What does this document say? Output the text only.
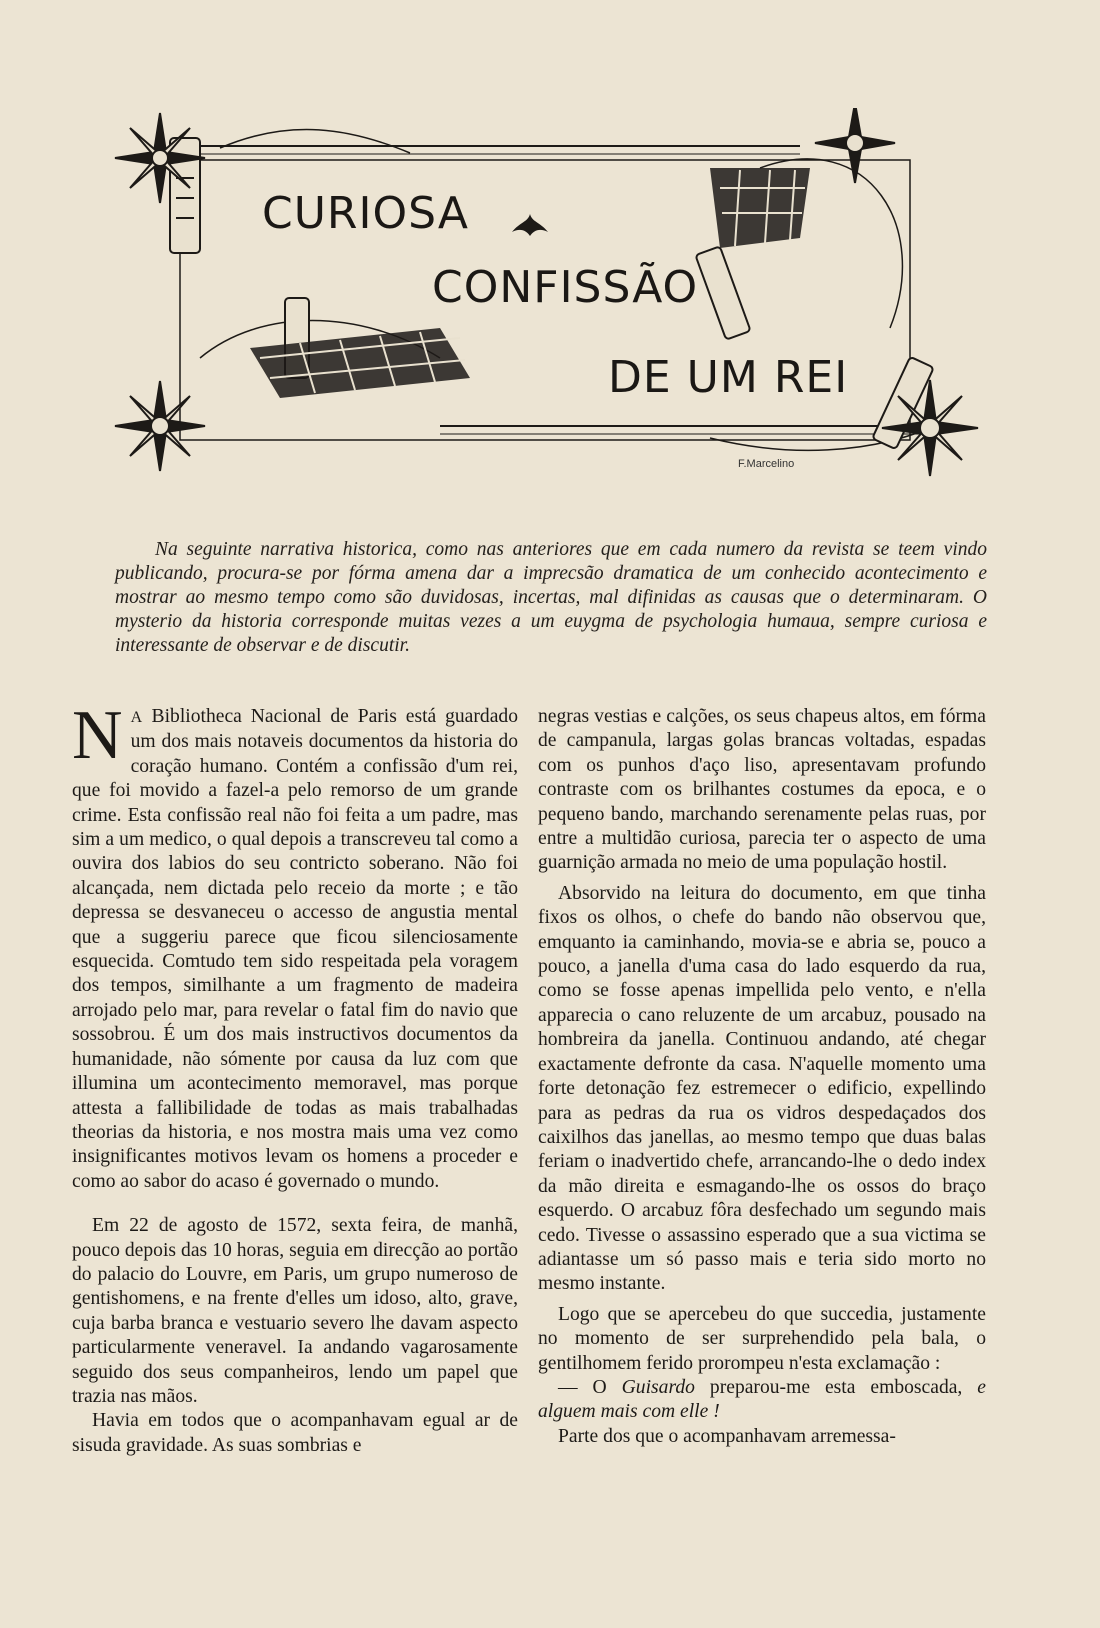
CURIOSA
CONFISSÃO
DE UM REI
F.Marcelino
Na seguinte narrativa historica, como nas anteriores que em cada numero da revista se teem vindo publicando, procura-se por fórma amena dar a imprecsão dramatica de um conhecido acontecimento e mostrar ao mesmo tempo como são duvidosas, incertas, mal difinidas as causas que o determinaram. O mysterio da historia corresponde muitas vezes a um euygma de psychologia humaua, sempre curiosa e interessante de observar e de discutir.

N A Bibliotheca Nacional de Paris está guardado um dos mais notaveis documentos da historia do coração humano. Contém a confissão d'um rei, que foi movido a fazel-a pelo remorso de um grande crime. Esta confissão real não foi feita a um padre, mas sim a um medico, o qual depois a transcreveu tal como a ouvira dos labios do seu contricto soberano. Não foi alcançada, nem dictada pelo receio da morte ; e tão depressa se desvaneceu o accesso de angustia mental que a suggeriu parece que ficou silenciosamente esquecida. Comtudo tem sido respeitada pela voragem dos tempos, similhante a um fragmento de madeira arrojado pelo mar, para revelar o fatal fim do navio que sossobrou. É um dos mais instructivos documentos da humanidade, não sómente por causa da luz com que illumina um acontecimento memoravel, mas porque attesta a fallibilidade de todas as mais trabalhadas theorias da historia, e nos mostra mais uma vez como insignificantes motivos levam os homens a proceder e como ao sabor do acaso é governado o mundo.

Em 22 de agosto de 1572, sexta feira, de manhã, pouco depois das 10 horas, seguia em direcção ao portão do palacio do Louvre, em Paris, um grupo numeroso de gentishomens, e na frente d'elles um idoso, alto, grave, cuja barba branca e vestuario severo lhe davam aspecto particularmente veneravel. Ia andando vagarosamente seguido dos seus companheiros, lendo um papel que trazia nas mãos.

Havia em todos que o acompanhavam egual ar de sisuda gravidade. As suas sombrias e

negras vestias e calções, os seus chapeus altos, em fórma de campanula, largas golas brancas voltadas, espadas com os punhos d'aço liso, apresentavam profundo contraste com os brilhantes costumes da epoca, e o pequeno bando, marchando serenamente pelas ruas, por entre a multidão curiosa, parecia ter o aspecto de uma guarnição armada no meio de uma população hostil.

Absorvido na leitura do documento, em que tinha fixos os olhos, o chefe do bando não observou que, emquanto ia caminhando, movia-se e abria se, pouco a pouco, a janella d'uma casa do lado esquerdo da rua, como se fosse apenas impellida pelo vento, e n'ella apparecia o cano reluzente de um arcabuz, pousado na hombreira da janella. Continuou andando, até chegar exactamente defronte da casa. N'aquelle momento uma forte detonação fez estremecer o edificio, expellindo para as pedras da rua os vidros despedaçados dos caixilhos das janellas, ao mesmo tempo que duas balas feriam o inadvertido chefe, arrancando-lhe o dedo index da mão direita e esmagando-lhe os ossos do braço esquerdo. O arcabuz fôra desfechado um segundo mais cedo. Tivesse o assassino esperado que a sua victima se adiantasse um só passo mais e teria sido morto no mesmo instante.

Logo que se apercebeu do que succedia, justamente no momento de ser surprehendido pela bala, o gentilhomem ferido prorompeu n'esta exclamação :

— O Guisardo preparou-me esta emboscada, e alguem mais com elle !

Parte dos que o acompanhavam arremessa-
